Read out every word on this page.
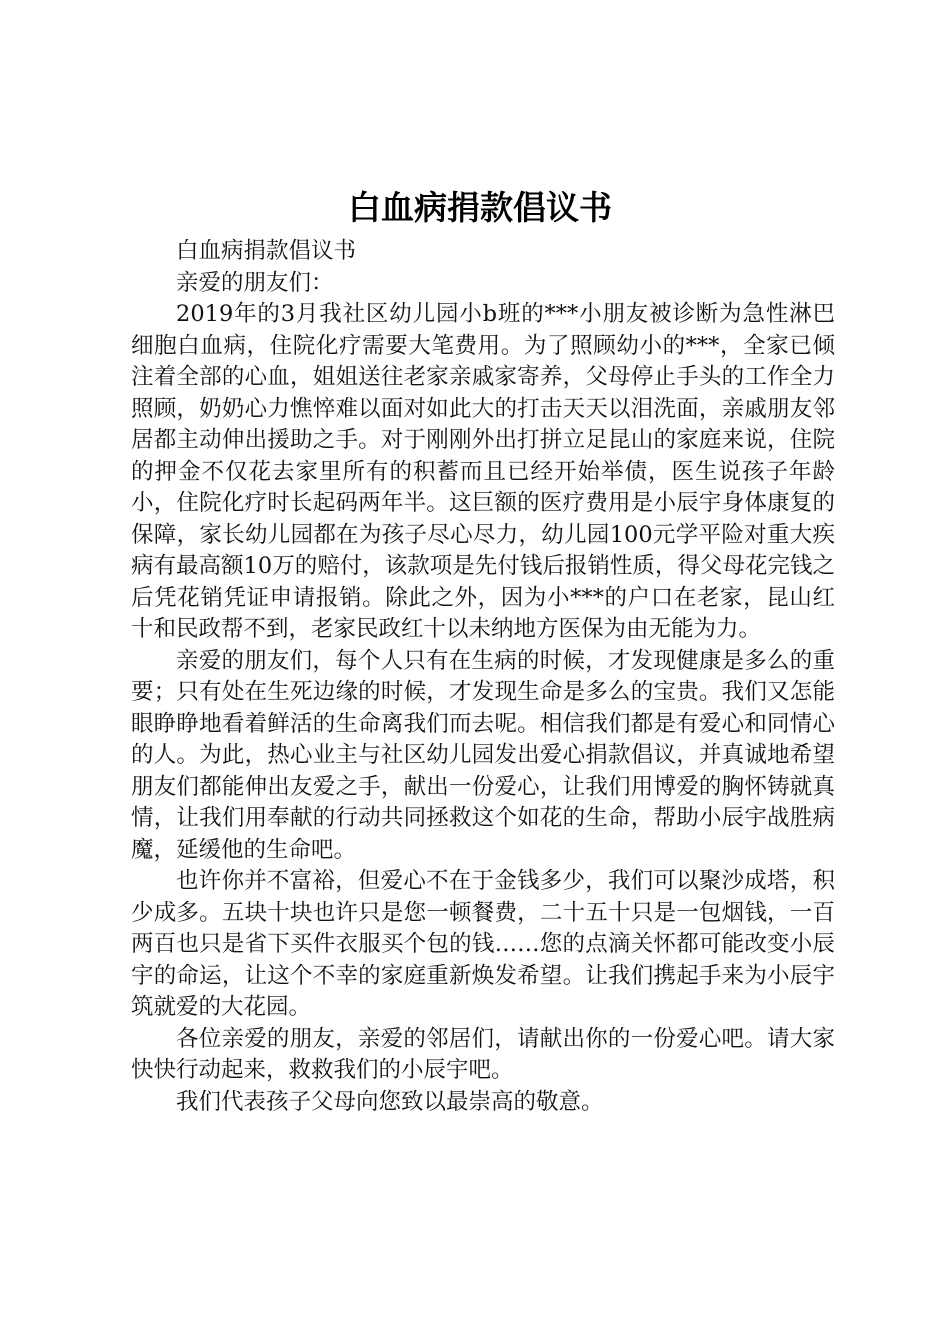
白血病捐款倡议书

白血病捐款倡议书

亲爱的朋友们：

2019年的3月我社区幼儿园小b班的***小朋友被诊断为急性淋巴细胞白血病，住院化疗需要大笔费用。为了照顾幼小的***，全家已倾注着全部的心血，姐姐送往老家亲戚家寄养，父母停止手头的工作全力照顾，奶奶心力憔悴难以面对如此大的打击天天以泪洗面，亲戚朋友邻居都主动伸出援助之手。对于刚刚外出打拼立足昆山的家庭来说，住院的押金不仅花去家里所有的积蓄而且已经开始举债，医生说孩子年龄小，住院化疗时长起码两年半。这巨额的医疗费用是小辰宇身体康复的保障，家长幼儿园都在为孩子尽心尽力，幼儿园100元学平险对重大疾病有最高额10万的赔付，该款项是先付钱后报销性质，得父母花完钱之后凭花销凭证申请报销。除此之外，因为小***的户口在老家，昆山红十和民政帮不到，老家民政红十以未纳地方医保为由无能为力。

亲爱的朋友们，每个人只有在生病的时候，才发现健康是多么的重要；只有处在生死边缘的时候，才发现生命是多么的宝贵。我们又怎能眼睁睁地看着鲜活的生命离我们而去呢。相信我们都是有爱心和同情心的人。为此，热心业主与社区幼儿园发出爱心捐款倡议，并真诚地希望朋友们都能伸出友爱之手，献出一份爱心，让我们用博爱的胸怀铸就真情，让我们用奉献的行动共同拯救这个如花的生命，帮助小辰宇战胜病魔，延缓他的生命吧。

也许你并不富裕，但爱心不在于金钱多少，我们可以聚沙成塔，积少成多。五块十块也许只是您一顿餐费，二十五十只是一包烟钱，一百两百也只是省下买件衣服买个包的钱……您的点滴关怀都可能改变小辰宇的命运，让这个不幸的家庭重新焕发希望。让我们携起手来为小辰宇筑就爱的大花园。

各位亲爱的朋友，亲爱的邻居们，请献出你的一份爱心吧。请大家快快行动起来，救救我们的小辰宇吧。

我们代表孩子父母向您致以最崇高的敬意。
